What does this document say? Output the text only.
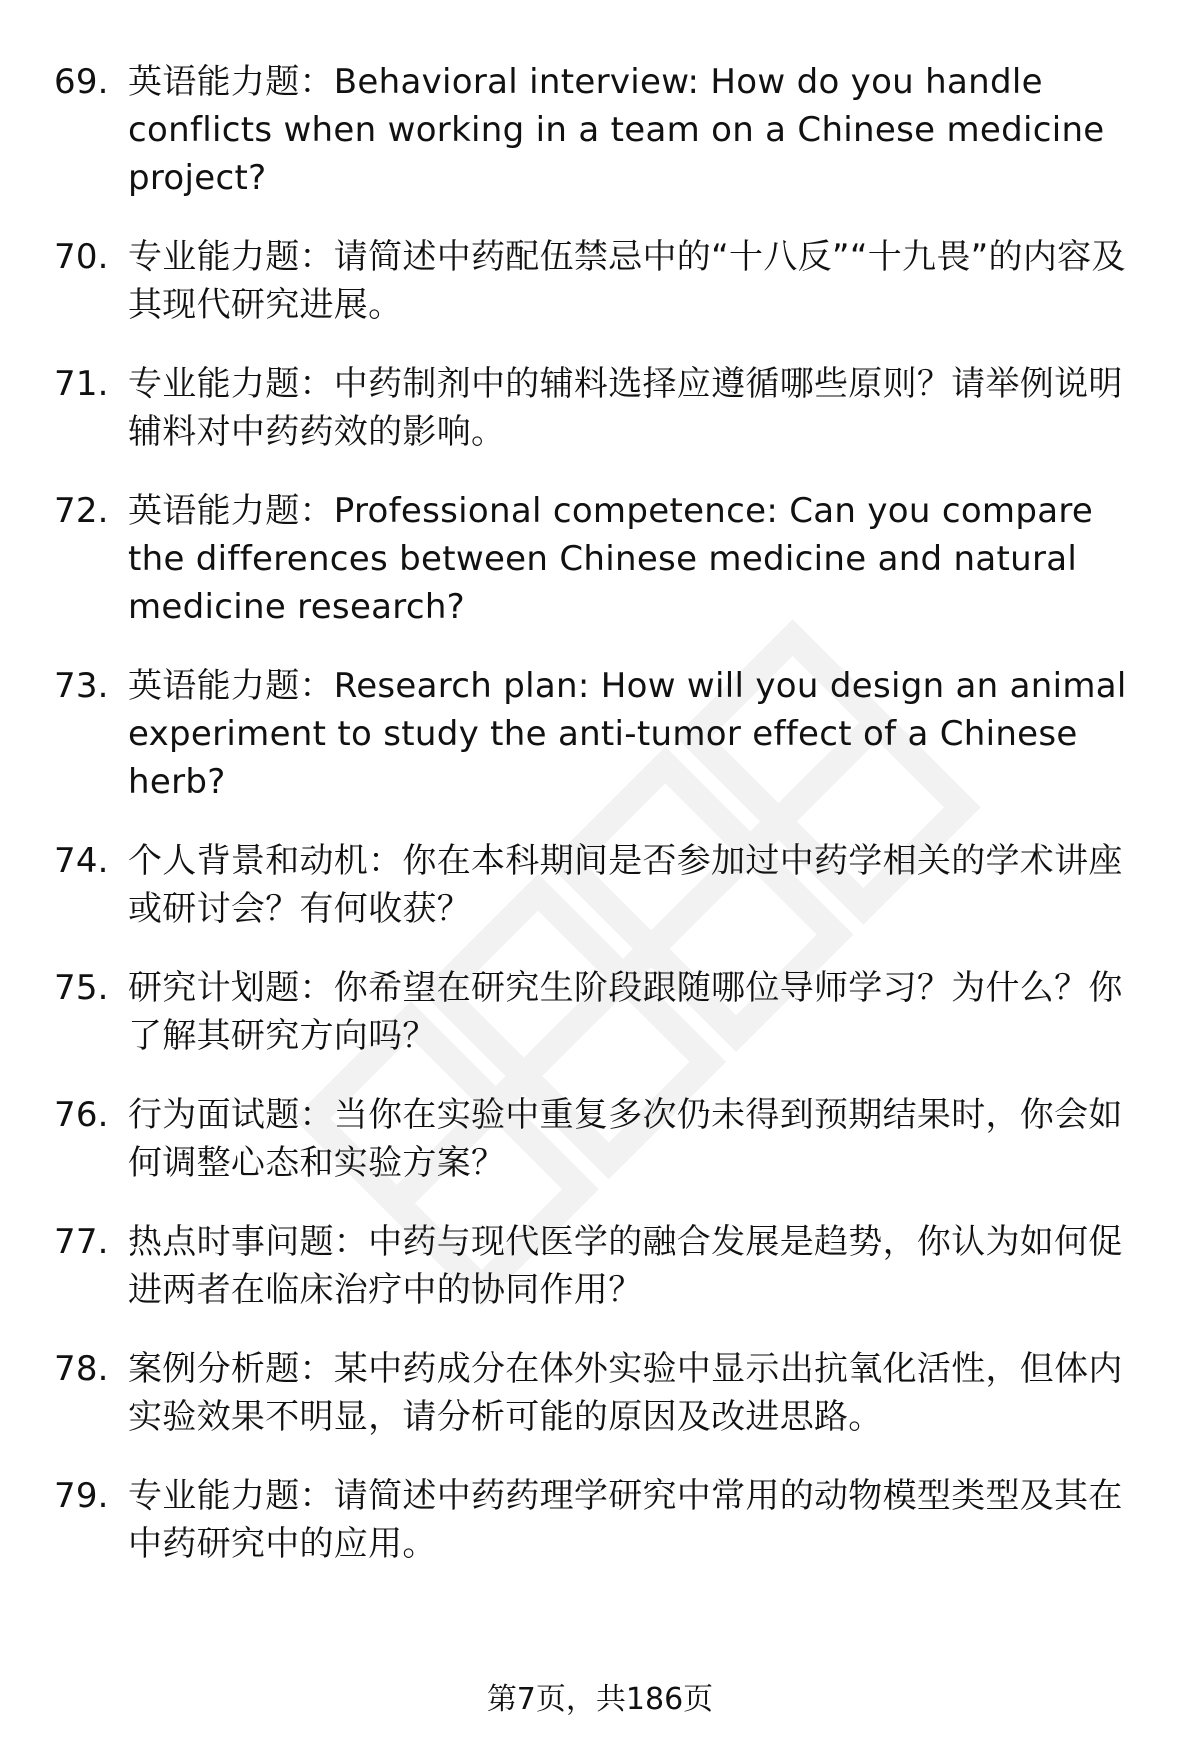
69. 英语能力题：Behavioral interview: How do you handle conflicts when working in a team on a Chinese medicine project?
70. 专业能力题：请简述中药配伍禁忌中的“十八反”“十九畏”的内容及其现代研究进展。
71. 专业能力题：中药制剂中的辅料选择应遵循哪些原则？请举例说明辅料对中药药效的影响。
72. 英语能力题：Professional competence: Can you compare the differences between Chinese medicine and natural medicine research?
73. 英语能力题：Research plan: How will you design an animal experiment to study the anti-tumor effect of a Chinese herb?
74. 个人背景和动机：你在本科期间是否参加过中药学相关的学术讲座或研讨会？有何收获？
75. 研究计划题：你希望在研究生阶段跟随哪位导师学习？为什么？你了解其研究方向吗？
76. 行为面试题：当你在实验中重复多次仍未得到预期结果时，你会如何调整心态和实验方案？
77. 热点时事问题：中药与现代医学的融合发展是趋势，你认为如何促进两者在临床治疗中的协同作用？
78. 案例分析题：某中药成分在体外实验中显示出抗氧化活性，但体内实验效果不明显，请分析可能的原因及改进思路。
79. 专业能力题：请简述中药药理学研究中常用的动物模型类型及其在中药研究中的应用。
第7页，共186页
